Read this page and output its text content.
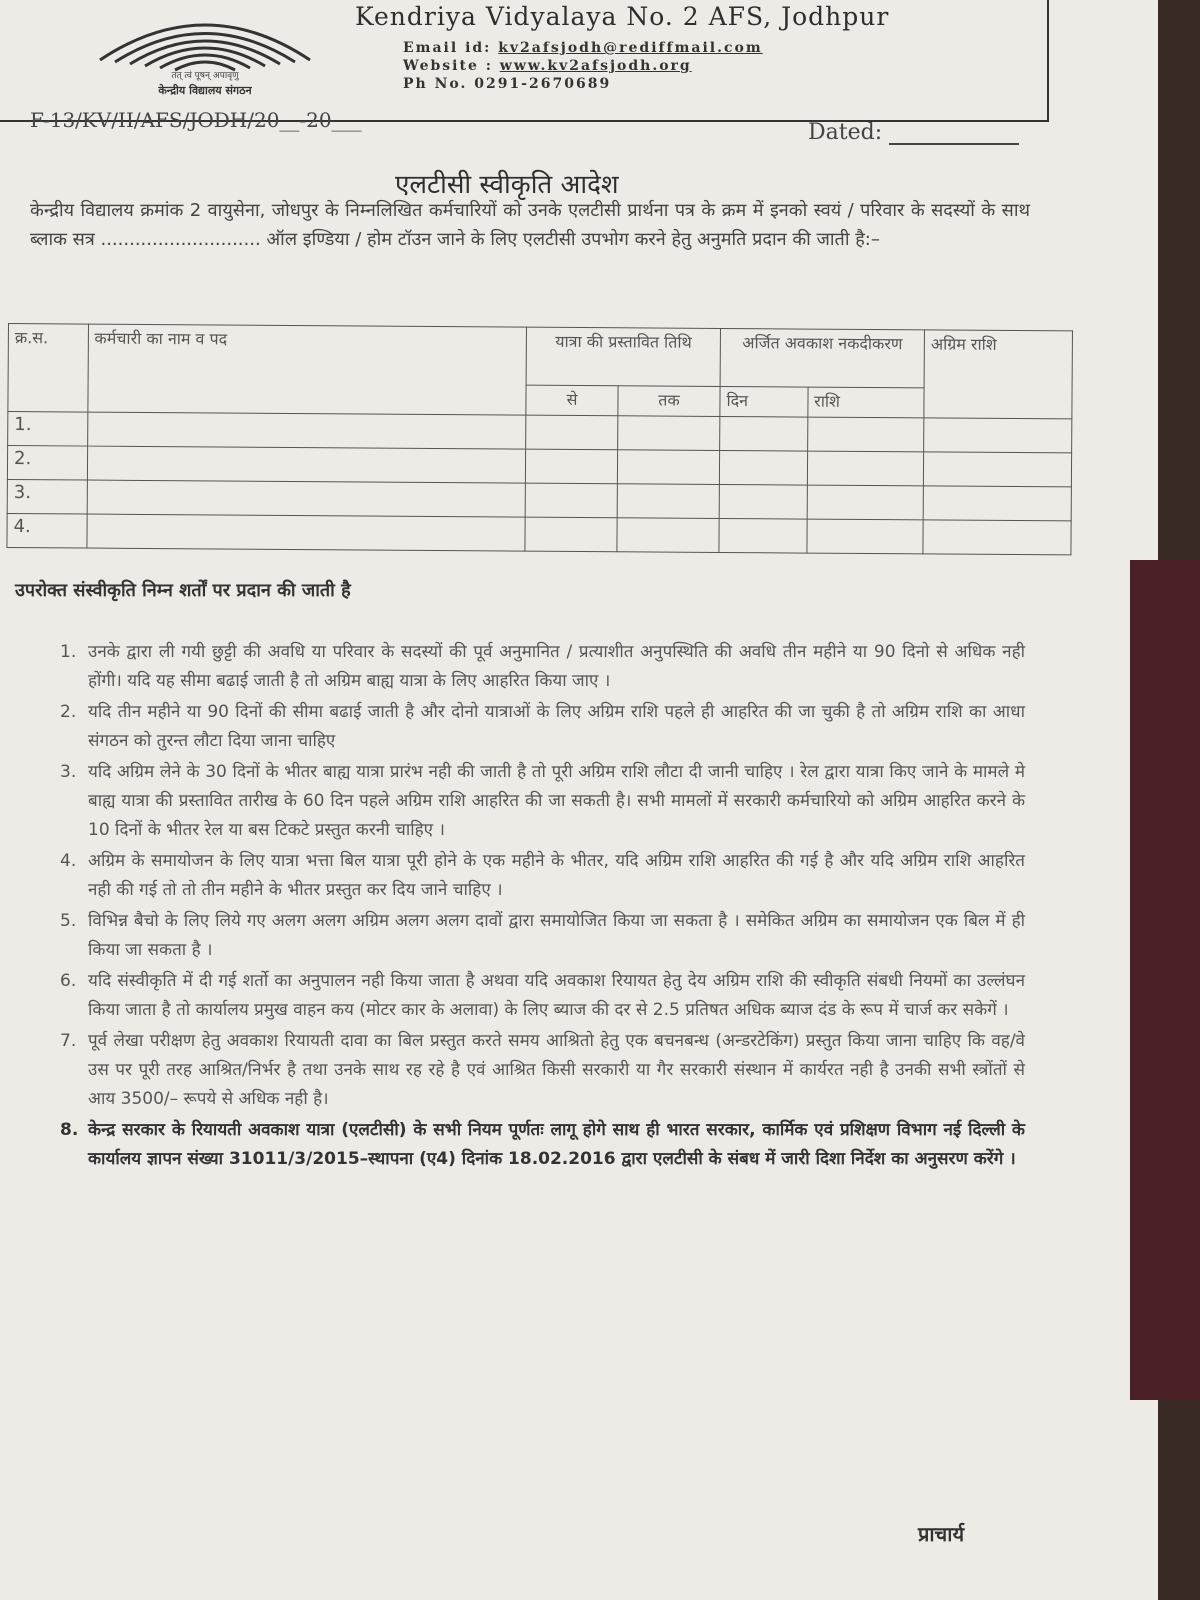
तत् त्वं पूषन् अपावृणु
केन्द्रीय विद्यालय संगठन
Kendriya Vidyalaya No. 2 AFS, Jodhpur
Email id: kv2afsjodh@rediffmail.com
Website : www.kv2afsjodh.org
Ph No. 0291-2670689
F-13/KV/II/AFS/JODH/20__-20___	Dated:
एलटीसी स्वीकृति आदेश
केन्द्रीय विद्यालय क्रमांक 2 वायुसेना, जोधपुर के निम्नलिखित कर्मचारियों को उनके एलटीसी प्रार्थना पत्र के क्रम में इनको स्वयं / परिवार के सदस्यों के साथ ब्लाक सत्र ............................ ऑल इण्डिया / होम टॉउन जाने के लिए एलटीसी उपभोग करने हेतु अनुमति प्रदान की जाती है:–
क्र.स.	कर्मचारी का नाम व पद	यात्रा की प्रस्तावित तिथि		अर्जित अवकाश नकदीकरण		अग्रिम राशि
		से	तक	दिन	राशि	
1.						
2.						
3.						
4.						
उपरोक्त संस्वीकृति निम्न शर्तों पर प्रदान की जाती है
1. उनके द्वारा ली गयी छुट्टी की अवधि या परिवार के सदस्यों की पूर्व अनुमानित / प्रत्याशीत अनुपस्थिति की अवधि तीन महीने या 90 दिनो से अधिक नही होंगी। यदि यह सीमा बढाई जाती है तो अग्रिम बाह्य यात्रा के लिए आहरित किया जाए ।
2. यदि तीन महीने या 90 दिनों की सीमा बढाई जाती है और दोनो यात्राओं के लिए अग्रिम राशि पहले ही आहरित की जा चुकी है तो अग्रिम राशि का आधा संगठन को तुरन्त लौटा दिया जाना चाहिए
3. यदि अग्रिम लेने के 30 दिनों के भीतर बाह्य यात्रा प्रारंभ नही की जाती है तो पूरी अग्रिम राशि लौटा दी जानी चाहिए । रेल द्वारा यात्रा किए जाने के मामले मे बाह्य यात्रा की प्रस्तावित तारीख के 60 दिन पहले अग्रिम राशि आहरित की जा सकती है। सभी मामलों में सरकारी कर्मचारियो को अग्रिम आहरित करने के 10 दिनों के भीतर रेल या बस टिकटे प्रस्तुत करनी चाहिए ।
4. अग्रिम के समायोजन के लिए यात्रा भत्ता बिल यात्रा पूरी होने के एक महीने के भीतर, यदि अग्रिम राशि आहरित की गई है और यदि अग्रिम राशि आहरित नही की गई तो तो तीन महीने के भीतर प्रस्तुत कर दिय जाने चाहिए ।
5. विभिन्न बैचो के लिए लिये गए अलग अलग अग्रिम अलग अलग दावों द्वारा समायोजित किया जा सकता है । समेकित अग्रिम का समायोजन एक बिल में ही किया जा सकता है ।
6. यदि संस्वीकृति में दी गई शर्तो का अनुपालन नही किया जाता है अथवा यदि अवकाश रियायत हेतु देय अग्रिम राशि की स्वीकृति संबधी नियमों का उल्लंघन किया जाता है तो कार्यालय प्रमुख वाहन कय (मोटर कार के अलावा) के लिए ब्याज की दर से 2.5 प्रतिषत अधिक ब्याज दंड के रूप में चार्ज कर सकेगें ।
7. पूर्व लेखा परीक्षण हेतु अवकाश रियायती दावा का बिल प्रस्तुत करते समय आश्रितो हेतु एक बचनबन्ध (अन्डरटेकिंग) प्रस्तुत किया जाना चाहिए कि वह/वे उस पर पूरी तरह आश्रित/निर्भर है तथा उनके साथ रह रहे है एवं आश्रित किसी सरकारी या गैर सरकारी संस्थान में कार्यरत नही है उनकी सभी स्त्रोंतों से आय 3500/– रूपये से अधिक नही है।
8. केन्द्र सरकार के रियायती अवकाश यात्रा (एलटीसी) के सभी नियम पूर्णतः लागू होगे साथ ही भारत सरकार, कार्मिक एवं प्रशिक्षण विभाग नई दिल्ली के कार्यालय ज्ञापन संख्या 31011/3/2015–स्थापना (ए4) दिनांक 18.02.2016 द्वारा एलटीसी के संबध में जारी दिशा निर्देश का अनुसरण करेंगे ।
प्राचार्य
